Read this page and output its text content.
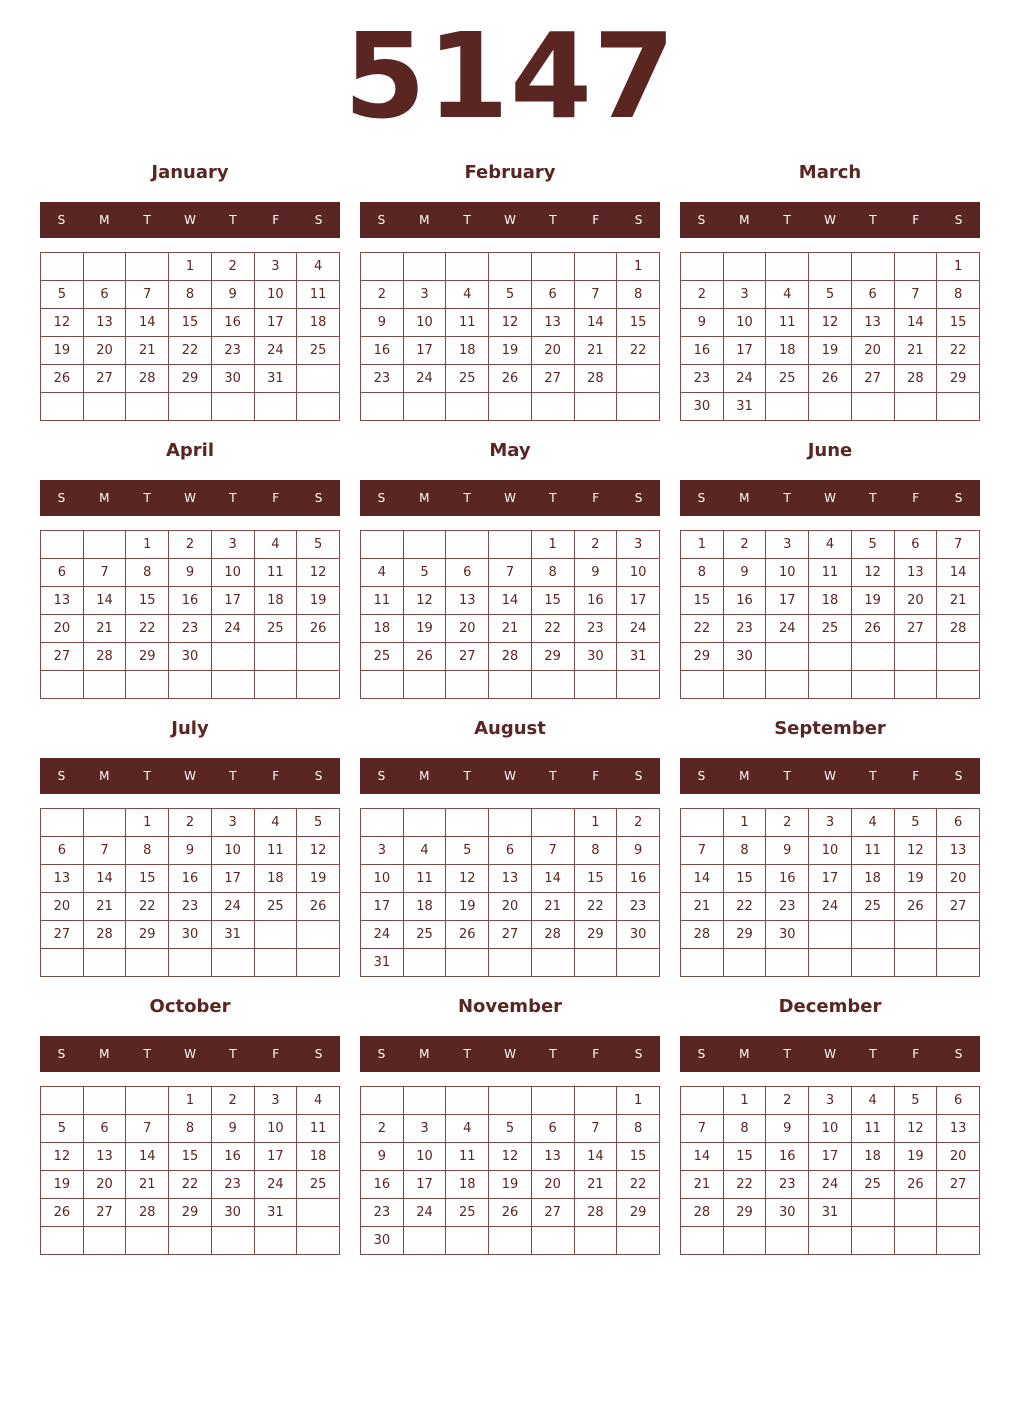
5147
January
S	M	T	W	T	F	S
			1	2	3	4
5	6	7	8	9	10	11
12	13	14	15	16	17	18
19	20	21	22	23	24	25
26	27	28	29	30	31	

February
S	M	T	W	T	F	S
						1
2	3	4	5	6	7	8
9	10	11	12	13	14	15
16	17	18	19	20	21	22
23	24	25	26	27	28	

March
S	M	T	W	T	F	S
						1
2	3	4	5	6	7	8
9	10	11	12	13	14	15
16	17	18	19	20	21	22
23	24	25	26	27	28	29
30	31					
April
S	M	T	W	T	F	S
		1	2	3	4	5
6	7	8	9	10	11	12
13	14	15	16	17	18	19
20	21	22	23	24	25	26
27	28	29	30			

May
S	M	T	W	T	F	S
				1	2	3
4	5	6	7	8	9	10
11	12	13	14	15	16	17
18	19	20	21	22	23	24
25	26	27	28	29	30	31

June
S	M	T	W	T	F	S
1	2	3	4	5	6	7
8	9	10	11	12	13	14
15	16	17	18	19	20	21
22	23	24	25	26	27	28
29	30					

July
S	M	T	W	T	F	S
		1	2	3	4	5
6	7	8	9	10	11	12
13	14	15	16	17	18	19
20	21	22	23	24	25	26
27	28	29	30	31		

August
S	M	T	W	T	F	S
					1	2
3	4	5	6	7	8	9
10	11	12	13	14	15	16
17	18	19	20	21	22	23
24	25	26	27	28	29	30
31						
September
S	M	T	W	T	F	S
	1	2	3	4	5	6
7	8	9	10	11	12	13
14	15	16	17	18	19	20
21	22	23	24	25	26	27
28	29	30				

October
S	M	T	W	T	F	S
			1	2	3	4
5	6	7	8	9	10	11
12	13	14	15	16	17	18
19	20	21	22	23	24	25
26	27	28	29	30	31	

November
S	M	T	W	T	F	S
						1
2	3	4	5	6	7	8
9	10	11	12	13	14	15
16	17	18	19	20	21	22
23	24	25	26	27	28	29
30						
December
S	M	T	W	T	F	S
	1	2	3	4	5	6
7	8	9	10	11	12	13
14	15	16	17	18	19	20
21	22	23	24	25	26	27
28	29	30	31			
